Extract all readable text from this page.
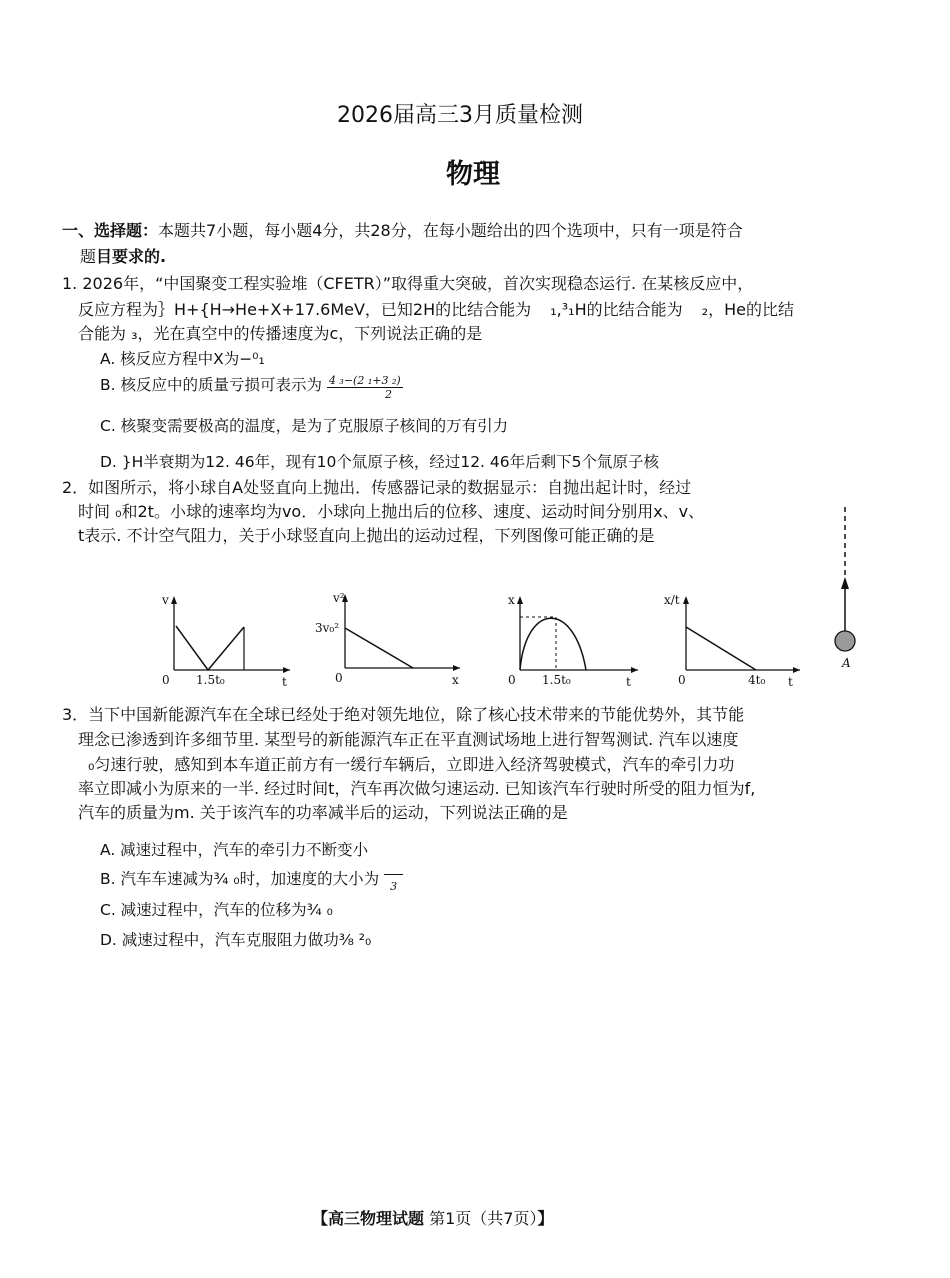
2026届高三3月质量检测
物理
一、选择题：本题共7小题，每小题4分，共28分，在每小题给出的四个选项中，只有一项是符合
题目要求的.
1. 2026年，“中国聚变工程实验堆（CFETR）”取得重大突破，首次实现稳态运行. 在某核反应中，
反应方程为｝H+{H→He+X+17.6MeV，已知2H的比结合能为 ₁,³₁H的比结合能为 ₂，He的比结
合能为 ₃，光在真空中的传播速度为c，下列说法正确的是
A. 核反应方程中X为−⁰₁
B. 核反应中的质量亏损可表示为 4 ₃−(2 ₁+3 ₂)
2
C. 核聚变需要极高的温度，是为了克服原子核间的万有引力
D. }H半衰期为12. 46年，现有10个氚原子核，经过12. 46年后剩下5个氚原子核
2．如图所示，将小球自A处竖直向上抛出．传感器记录的数据显示：自抛出起计时，经过
时间 ₀和2t。小球的速率均为vo．小球向上抛出后的位移、速度、运动时间分别用x、v、
t表示. 不计空气阻力，关于小球竖直向上抛出的运动过程，下列图像可能正确的是
v
t
0 1.5t₀
v²
x
0
3v₀²
x
t
0 1.5t₀
x/t
t
0	4t₀
A
3．当下中国新能源汽车在全球已经处于绝对领先地位，除了核心技术带来的节能优势外，其节能
理念已渗透到许多细节里. 某型号的新能源汽车正在平直测试场地上进行智驾测试. 汽车以速度
₀匀速行驶，感知到本车道正前方有一缓行车辆后，立即进入经济驾驶模式，汽车的牵引力功
率立即减小为原来的一半. 经过时间t，汽车再次做匀速运动. 已知该汽车行驶时所受的阻力恒为f,
汽车的质量为m. 关于该汽车的功率减半后的运动，下列说法正确的是
A. 减速过程中，汽车的牵引力不断变小
B. 汽车车速减为³⁄₄ ₀时，加速度的大小为 3
C. 减速过程中，汽车的位移为³⁄₄ ₀
D. 减速过程中，汽车克服阻力做功³⁄₈ ²₀
【高三物理试题 第1页（共7页）】
